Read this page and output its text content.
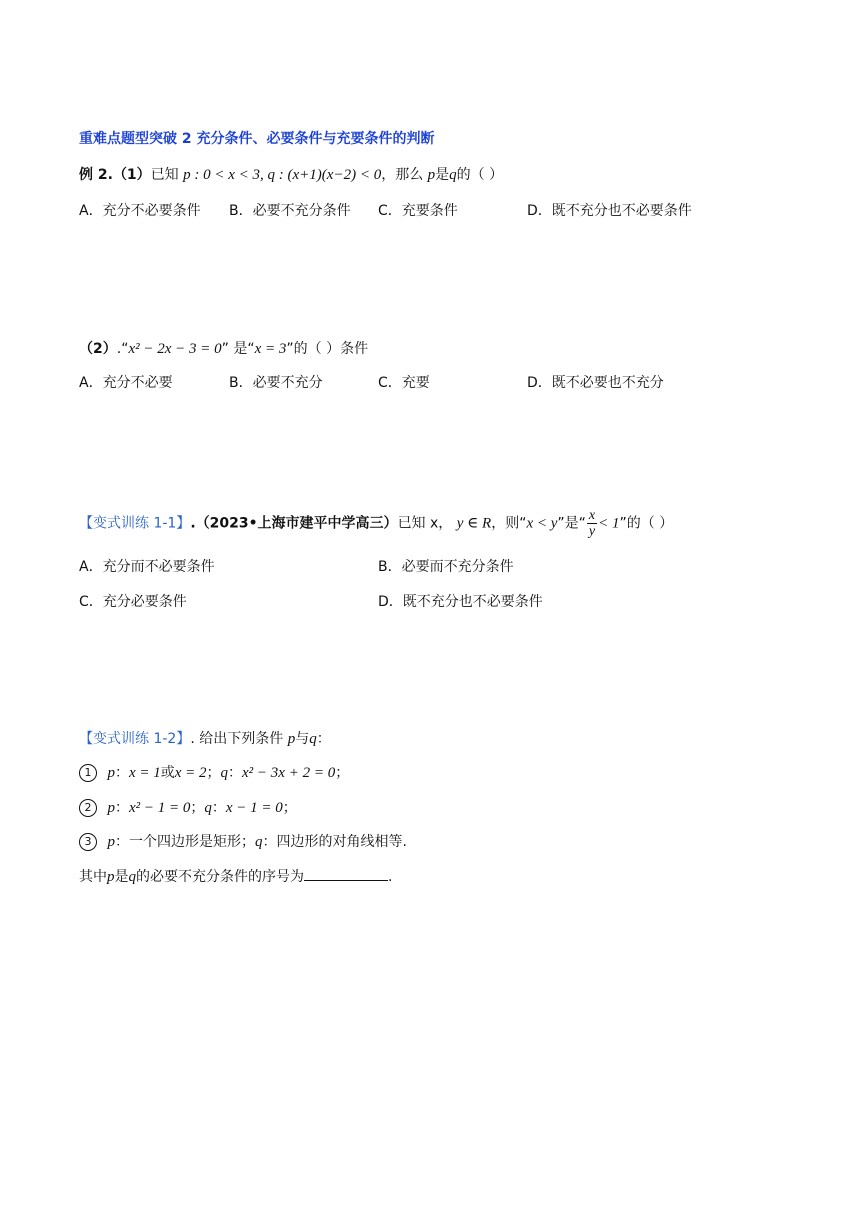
重难点题型突破 2 充分条件、必要条件与充要条件的判断
例 2.（1）已知 p : 0 < x < 3, q : (x+1)(x−2) < 0，那么 p是q的（ ）
A．充分不必要条件 B．必要不充分条件 C．充要条件	D．既不充分也不必要条件
（2）.“x² − 2x − 3 = 0” 是“x = 3”的（ ）条件
A．充分不必要	B．必要不充分	C．充要	D．既不必要也不充分
【变式训练 1-1】.（2023•上海市建平中学高三）已知 x， y ∈ R，则“x < y”是“ $\frac{x}{y} < 1$”的（ ）
A．充分而不必要条件	B．必要而不充分条件
C．充分必要条件	D．既不充分也不必要条件
【变式训练 1-2】. 给出下列条件 p与q：
1 p：x = 1或x = 2；q：x² − 3x + 2 = 0；
2 p：x² − 1 = 0；q：x − 1 = 0；
3 p：一个四边形是矩形；q：四边形的对角线相等.
其中p是q的必要不充分条件的序号为	.
